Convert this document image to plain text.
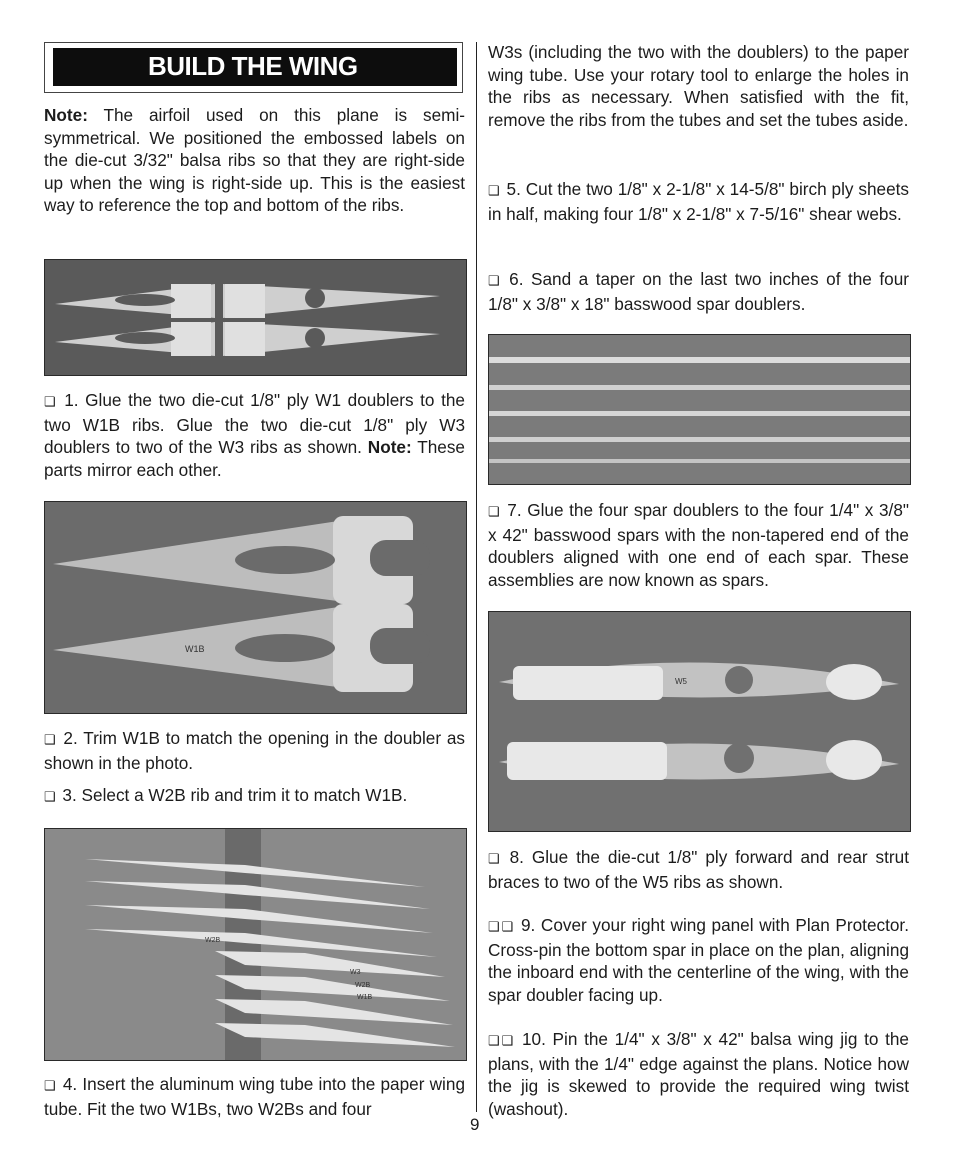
BUILD THE WING

Note: The airfoil used on this plane is semi-symmetrical. We positioned the embossed labels on the die-cut 3/32" balsa ribs so that they are right-side up when the wing is right-side up. This is the easiest way to reference the top and bottom of the ribs.

❑ 1. Glue the two die-cut 1/8" ply W1 doublers to the two W1B ribs. Glue the two die-cut 1/8" ply W3 doublers to two of the W3 ribs as shown. Note: These parts mirror each other.

W1B

❑ 2. Trim W1B to match the opening in the doubler as shown in the photo.

❑ 3. Select a W2B rib and trim it to match W1B.

W2B
W3
W2B
W1B

❑ 4. Insert the aluminum wing tube into the paper wing tube. Fit the two W1Bs, two W2Bs and four

W3s (including the two with the doublers) to the paper wing tube. Use your rotary tool to enlarge the holes in the ribs as necessary. When satisfied with the fit, remove the ribs from the tubes and set the tubes aside.

❑ 5. Cut the two 1/8" x 2-1/8" x 14-5/8" birch ply sheets in half, making four 1/8" x 2-1/8" x 7-5/16" shear webs.

❑ 6. Sand a taper on the last two inches of the four 1/8" x 3/8" x 18" basswood spar doublers.

❑ 7. Glue the four spar doublers to the four 1/4" x 3/8" x 42" basswood spars with the non-tapered end of the doublers aligned with one end of each spar. These assemblies are now known as spars.

W5

❑ 8. Glue the die-cut 1/8" ply forward and rear strut braces to two of the W5 ribs as shown.

❑ ❑ 9. Cover your right wing panel with Plan Protector. Cross-pin the bottom spar in place on the plan, aligning the inboard end with the centerline of the wing, with the spar doubler facing up.

❑ ❑ 10. Pin the 1/4" x 3/8" x 42" balsa wing jig to the plans, with the 1/4" edge against the plans. Notice how the jig is skewed to provide the required wing twist (washout).

9
